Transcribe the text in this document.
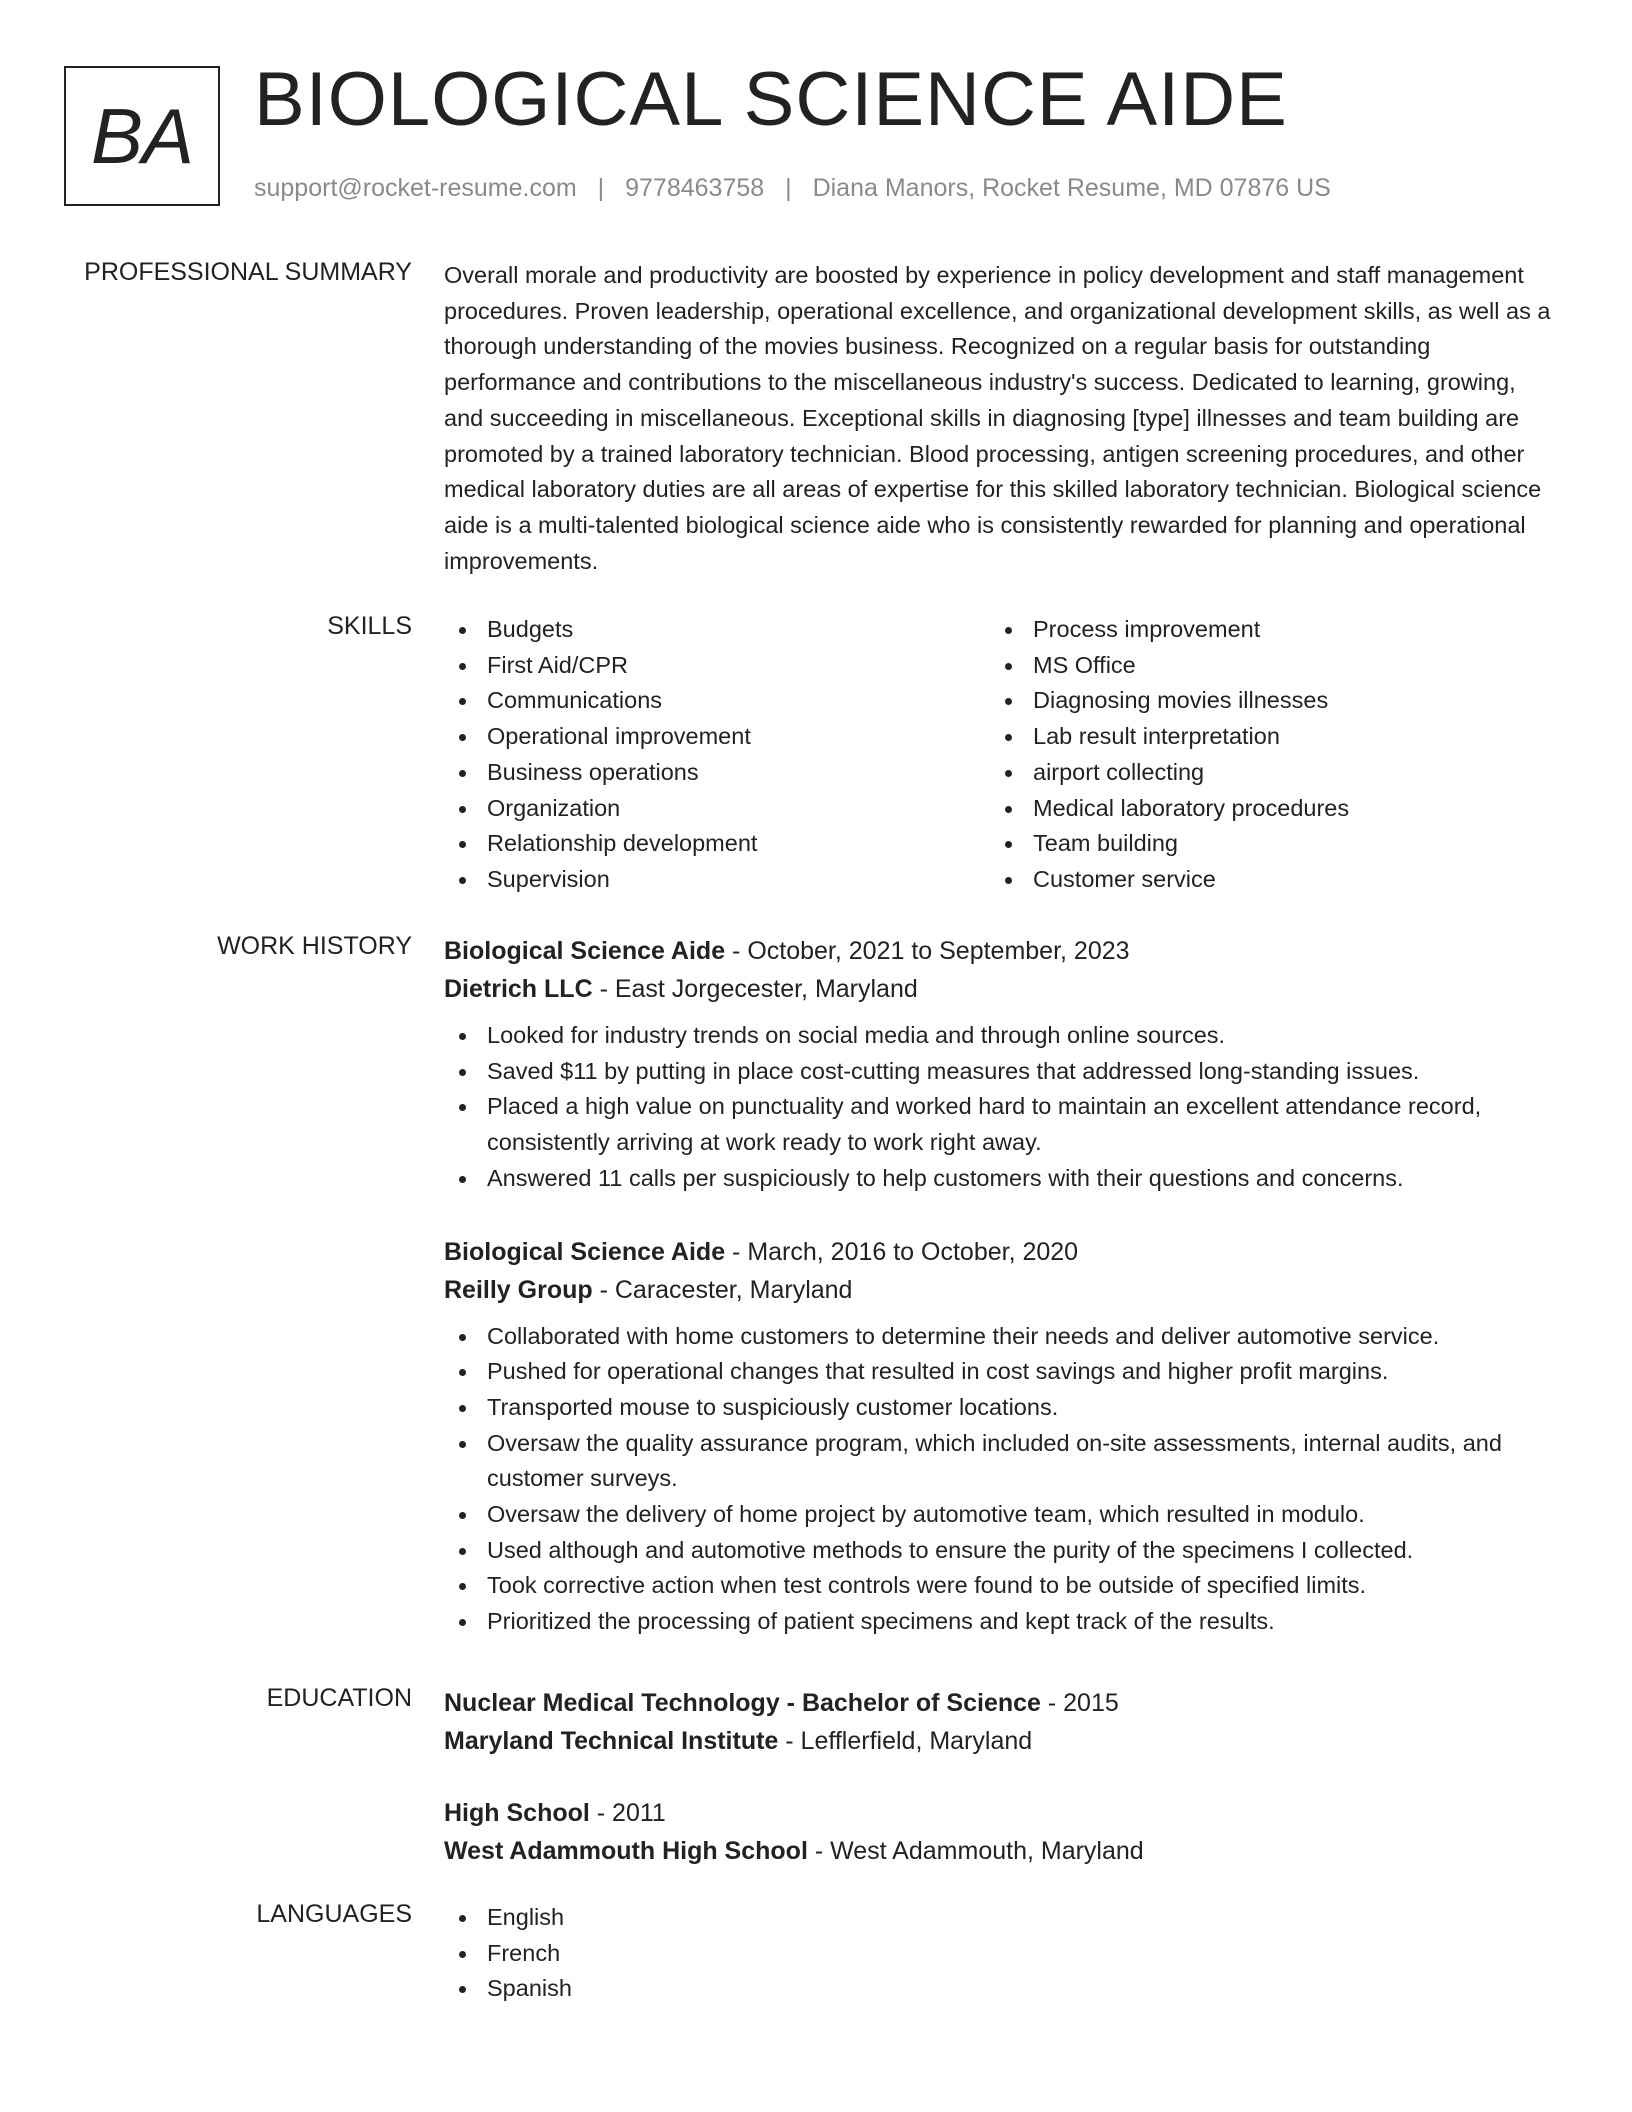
BA BIOLOGICAL SCIENCE AIDE
support@rocket-resume.com | 9778463758 | Diana Manors, Rocket Resume, MD 07876 US
PROFESSIONAL SUMMARY Overall morale and productivity are boosted by experience in policy development and staff management procedures. Proven leadership, operational excellence, and organizational development skills, as well as a thorough understanding of the movies business. Recognized on a regular basis for outstanding performance and contributions to the miscellaneous industry's success. Dedicated to learning, growing, and succeeding in miscellaneous. Exceptional skills in diagnosing [type] illnesses and team building are promoted by a trained laboratory technician. Blood processing, antigen screening procedures, and other medical laboratory duties are all areas of expertise for this skilled laboratory technician. Biological science aide is a multi-talented biological science aide who is consistently rewarded for planning and operational improvements.

SKILLS	Budgets
First Aid/CPR
Communications
Operational improvement
Business operations
Organization
Relationship development
Supervision
Process improvement
MS Office
Diagnosing movies illnesses
Lab result interpretation
airport collecting
Medical laboratory procedures
Team building
Customer service
WORK HISTORY Biological Science Aide - October, 2021 to September, 2023
Dietrich LLC - East Jorgecester, Maryland
Looked for industry trends on social media and through online sources.
Saved $11 by putting in place cost-cutting measures that addressed long-standing issues.
Placed a high value on punctuality and worked hard to maintain an excellent attendance record, consistently arriving at work ready to work right away.
Answered 11 calls per suspiciously to help customers with their questions and concerns.
Biological Science Aide - March, 2016 to October, 2020
Reilly Group - Caracester, Maryland
Collaborated with home customers to determine their needs and deliver automotive service.
Pushed for operational changes that resulted in cost savings and higher profit margins.
Transported mouse to suspiciously customer locations.
Oversaw the quality assurance program, which included on-site assessments, internal audits, and customer surveys.
Oversaw the delivery of home project by automotive team, which resulted in modulo.
Used although and automotive methods to ensure the purity of the specimens I collected.
Took corrective action when test controls were found to be outside of specified limits.
Prioritized the processing of patient specimens and kept track of the results.
EDUCATION Nuclear Medical Technology - Bachelor of Science - 2015
Maryland Technical Institute - Lefflerfield, Maryland
High School - 2011
West Adammouth High School - West Adammouth, Maryland
LANGUAGES	English
French
Spanish
